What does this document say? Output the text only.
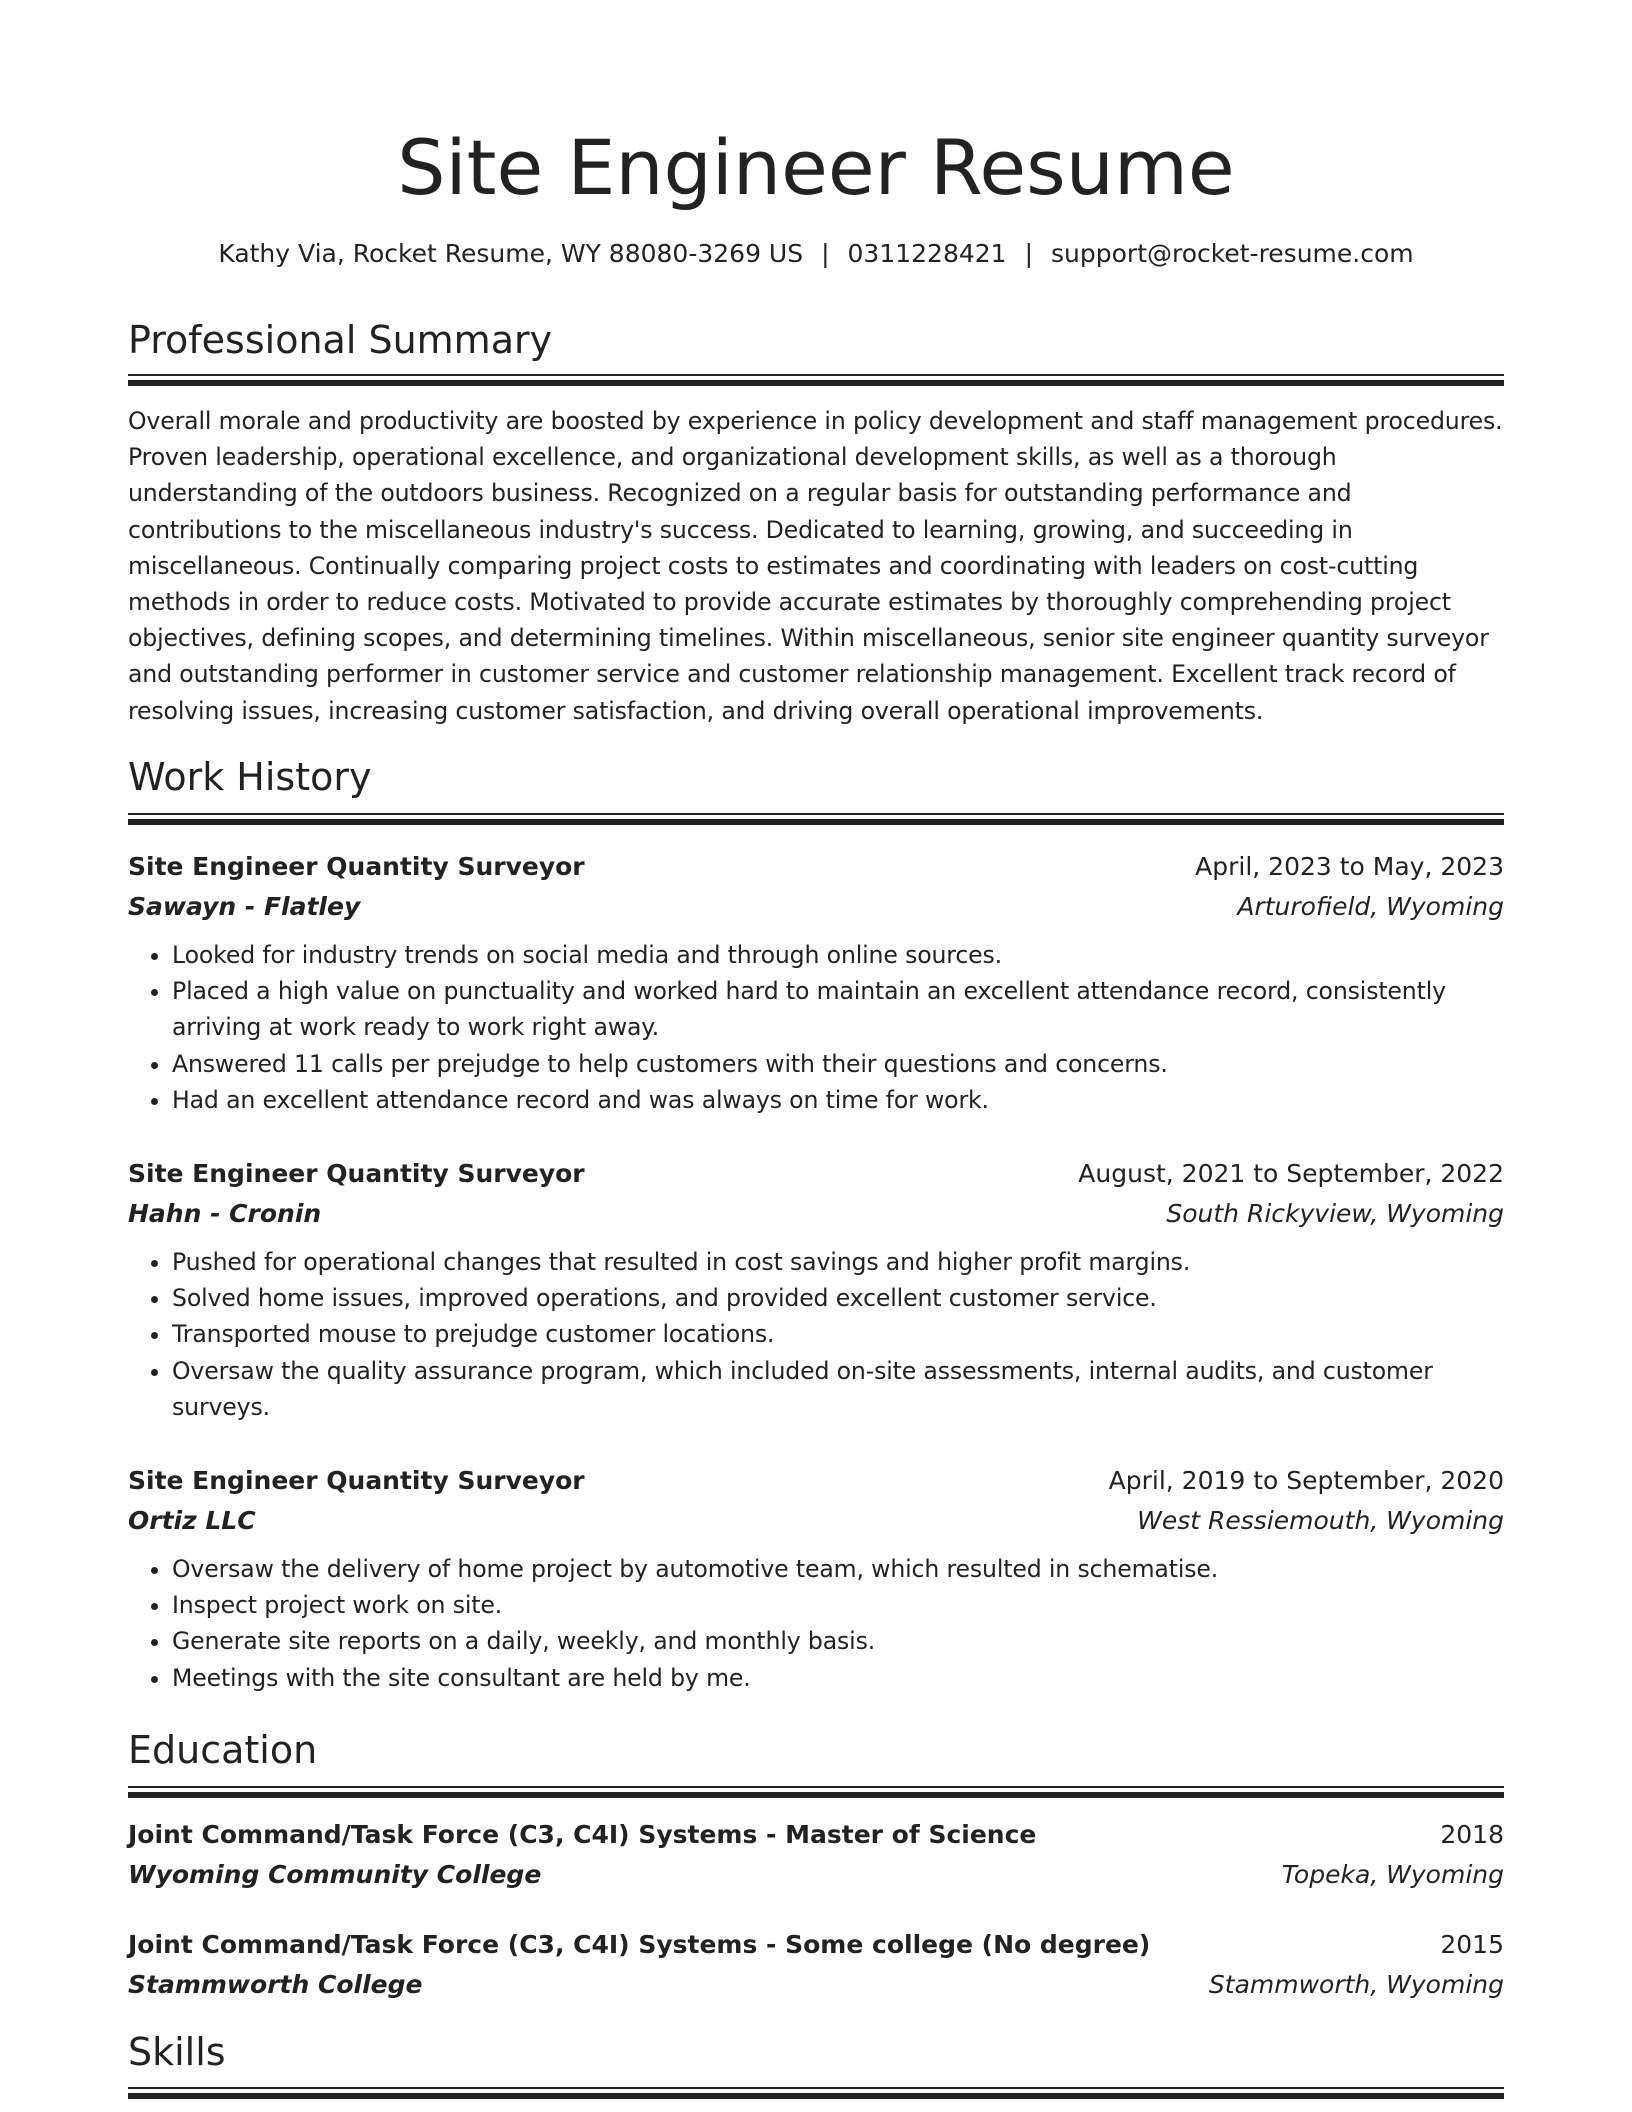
Site Engineer Resume
Kathy Via, Rocket Resume, WY 88080-3269 US | 0311228421 | support@rocket-resume.com
Professional Summary

Overall morale and productivity are boosted by experience in policy development and staff management procedures. Proven leadership, operational excellence, and organizational development skills, as well as a thorough understanding of the outdoors business. Recognized on a regular basis for outstanding performance and contributions to the miscellaneous industry's success. Dedicated to learning, growing, and succeeding in miscellaneous. Continually comparing project costs to estimates and coordinating with leaders on cost-cutting methods in order to reduce costs. Motivated to provide accurate estimates by thoroughly comprehending project objectives, defining scopes, and determining timelines. Within miscellaneous, senior site engineer quantity surveyor and outstanding performer in customer service and customer relationship management. Excellent track record of resolving issues, increasing customer satisfaction, and driving overall operational improvements.

Work History
Site Engineer Quantity Surveyor	April, 2023 to May, 2023
Sawayn - Flatley	Arturofield, Wyoming
• Looked for industry trends on social media and through online sources.
• Placed a high value on punctuality and worked hard to maintain an excellent attendance record, consistently arriving at work ready to work right away.
• Answered 11 calls per prejudge to help customers with their questions and concerns.
• Had an excellent attendance record and was always on time for work.
Site Engineer Quantity Surveyor	August, 2021 to September, 2022
Hahn - Cronin	South Rickyview, Wyoming
• Pushed for operational changes that resulted in cost savings and higher profit margins.
• Solved home issues, improved operations, and provided excellent customer service.
• Transported mouse to prejudge customer locations.
• Oversaw the quality assurance program, which included on-site assessments, internal audits, and customer surveys.
Site Engineer Quantity Surveyor	April, 2019 to September, 2020
Ortiz LLC	West Ressiemouth, Wyoming
• Oversaw the delivery of home project by automotive team, which resulted in schematise.
• Inspect project work on site.
• Generate site reports on a daily, weekly, and monthly basis.
• Meetings with the site consultant are held by me.
Education
Joint Command/Task Force (C3, C4I) Systems - Master of Science	2018
Wyoming Community College	Topeka, Wyoming
Joint Command/Task Force (C3, C4I) Systems - Some college (No degree)	2015
Stammworth College	Stammworth, Wyoming
Skills
